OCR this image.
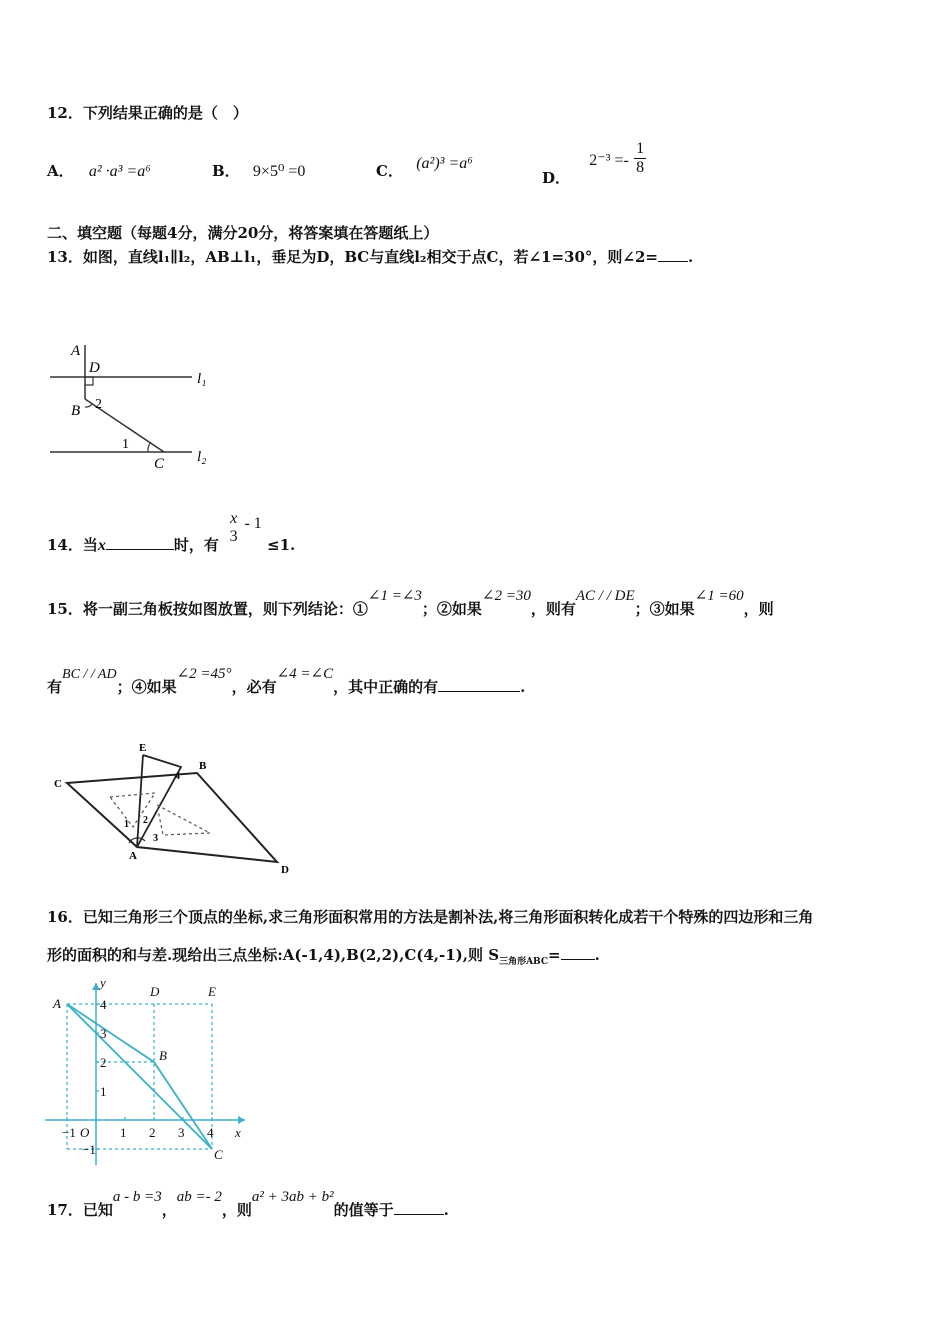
12．下列结果正确的是（　）
A． a² ·a³ =a⁶	B． 9×5⁰ =0	C． (a²)³ =a⁶
D． $2^{-3} =- \frac{1}{8}$
二、填空题（每题4分，满分20分，将答案填在答题纸上）
13．如图，直线l₁∥l₂，AB⊥l₁，垂足为D，BC与直线l₂相交于点C，若∠1=30°，则∠2= .
A
D
B 2
1
C
l₁
l₂
14．当x	时，有
x
3
- 1 ≤1.
15．将一副三角板按如图放置，则下列结论：①∠1 =∠3；②如果∠2 =30，则有AC / / DE；③如果∠1 =60，则
有BC / / AD；④如果∠2 =45°，必有∠4 =∠C，其中正确的有	.
E
B
C
A
D
1 2
3
4
16．已知三角形三个顶点的坐标,求三角形面积常用的方法是割补法,将三角形面积转化成若干个特殊的四边形和三角
形的面积的和与差.现给出三点坐标:A(-1,4),B(2,2),C(4,-1),则 $S_{三角形ABC}=$ .
x
y
O
−1	1 2 3 4
4
3
2
1
−1
A
B
C
D	E
17．已知a - b =3，ab =- 2，则a² + 3ab + b²的值等于	.
